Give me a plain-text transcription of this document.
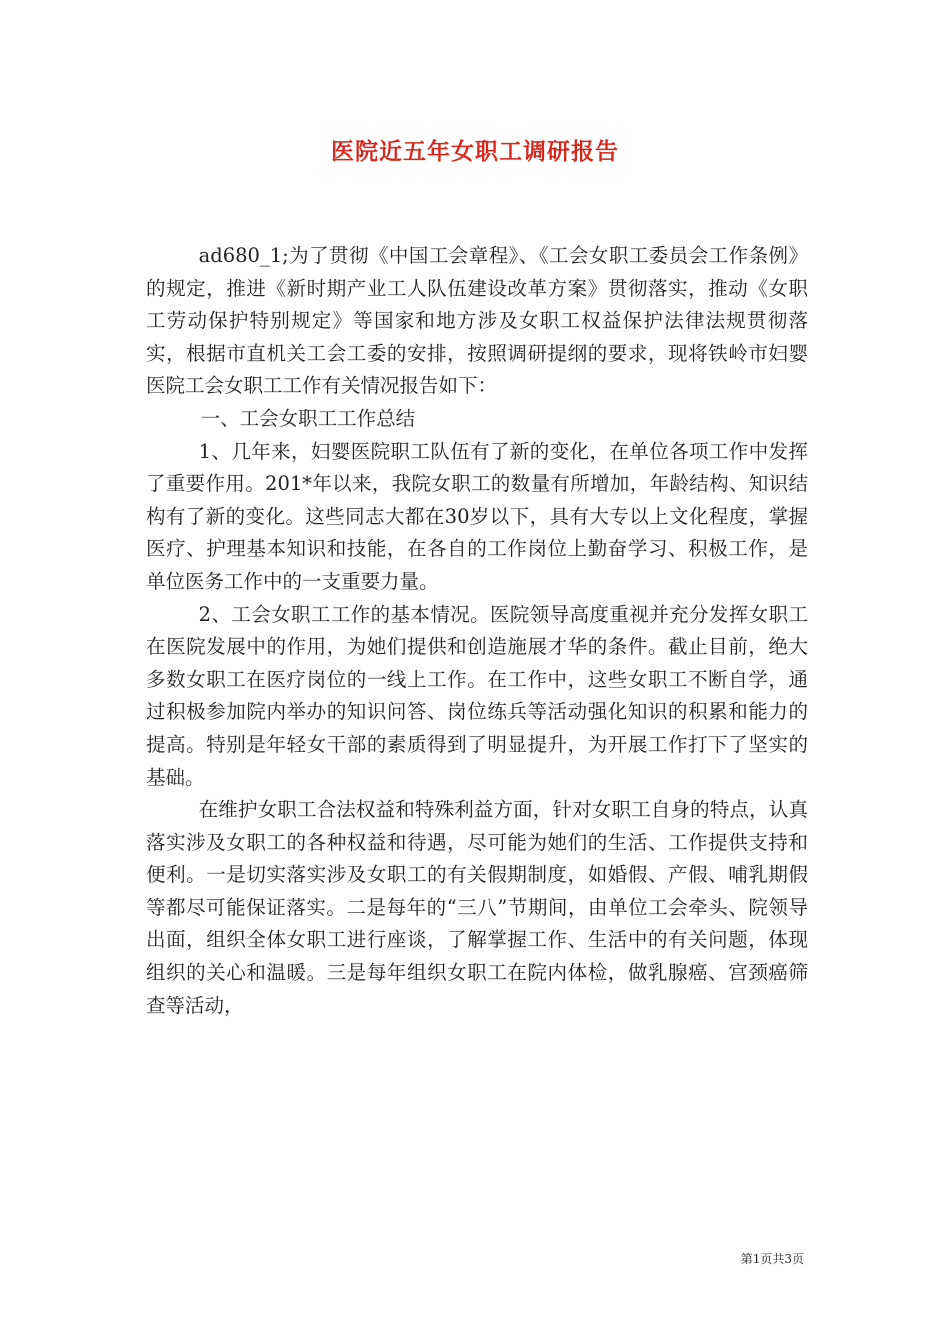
医院近五年女职工调研报告

ad680_1;为了贯彻《中国工会章程》、《工会女职工委员会工作条例》的规定，推进《新时期产业工人队伍建设改革方案》贯彻落实，推动《女职工劳动保护特别规定》等国家和地方涉及女职工权益保护法律法规贯彻落实，根据市直机关工会工委的安排，按照调研提纲的要求，现将铁岭市妇婴医院工会女职工工作有关情况报告如下：

一、工会女职工工作总结

1、几年来，妇婴医院职工队伍有了新的变化，在单位各项工作中发挥了重要作用。201*年以来，我院女职工的数量有所增加，年龄结构、知识结构有了新的变化。这些同志大都在30岁以下，具有大专以上文化程度，掌握医疗、护理基本知识和技能，在各自的工作岗位上勤奋学习、积极工作，是单位医务工作中的一支重要力量。

2、工会女职工工作的基本情况。医院领导高度重视并充分发挥女职工在医院发展中的作用，为她们提供和创造施展才华的条件。截止目前，绝大多数女职工在医疗岗位的一线上工作。在工作中，这些女职工不断自学，通过积极参加院内举办的知识问答、岗位练兵等活动强化知识的积累和能力的提高。特别是年轻女干部的素质得到了明显提升，为开展工作打下了坚实的基础。

在维护女职工合法权益和特殊利益方面，针对女职工自身的特点，认真落实涉及女职工的各种权益和待遇，尽可能为她们的生活、工作提供支持和便利。一是切实落实涉及女职工的有关假期制度，如婚假、产假、哺乳期假等都尽可能保证落实。二是每年的“三八”节期间，由单位工会牵头、院领导出面，组织全体女职工进行座谈，了解掌握工作、生活中的有关问题，体现组织的关心和温暖。三是每年组织女职工在院内体检，做乳腺癌、宫颈癌筛查等活动，

第1页共3页
